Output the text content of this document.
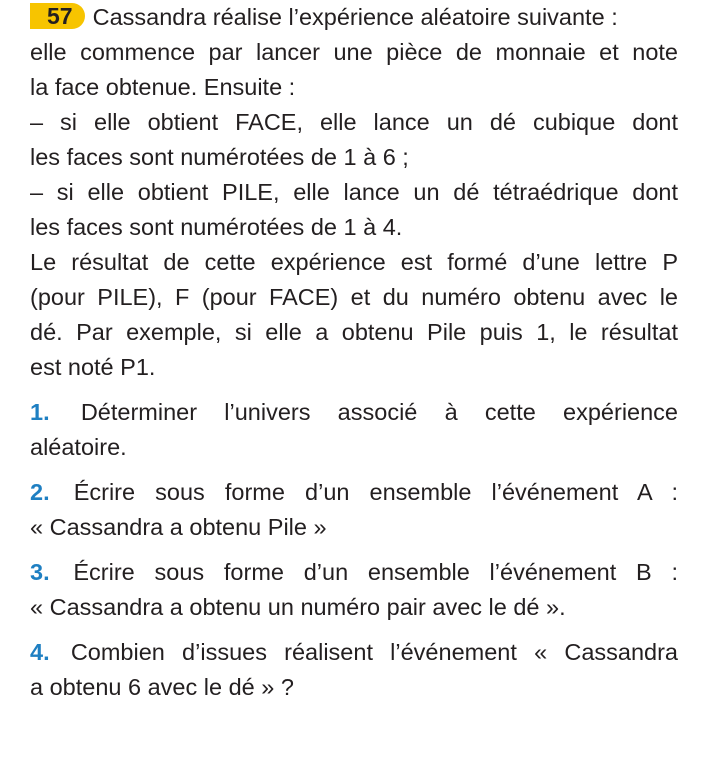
57 Cassandra réalise l’expérience aléatoire suivante :
elle commence par lancer une pièce de monnaie et note
la face obtenue. Ensuite :
– si elle obtient FACE, elle lance un dé cubique dont
les faces sont numérotées de 1 à 6 ;
– si elle obtient PILE, elle lance un dé tétraédrique dont
les faces sont numérotées de 1 à 4.
Le résultat de cette expérience est formé d’une lettre P
(pour PILE), F (pour FACE) et du numéro obtenu avec le
dé. Par exemple, si elle a obtenu Pile puis 1, le résultat
est noté P1.
1. Déterminer l’univers associé à cette expérience
aléatoire.
2. Écrire sous forme d’un ensemble l’événement A :
« Cassandra a obtenu Pile »
3. Écrire sous forme d’un ensemble l’événement B :
« Cassandra a obtenu un numéro pair avec le dé ».
4. Combien d’issues réalisent l’événement « Cassandra
a obtenu 6 avec le dé » ?
